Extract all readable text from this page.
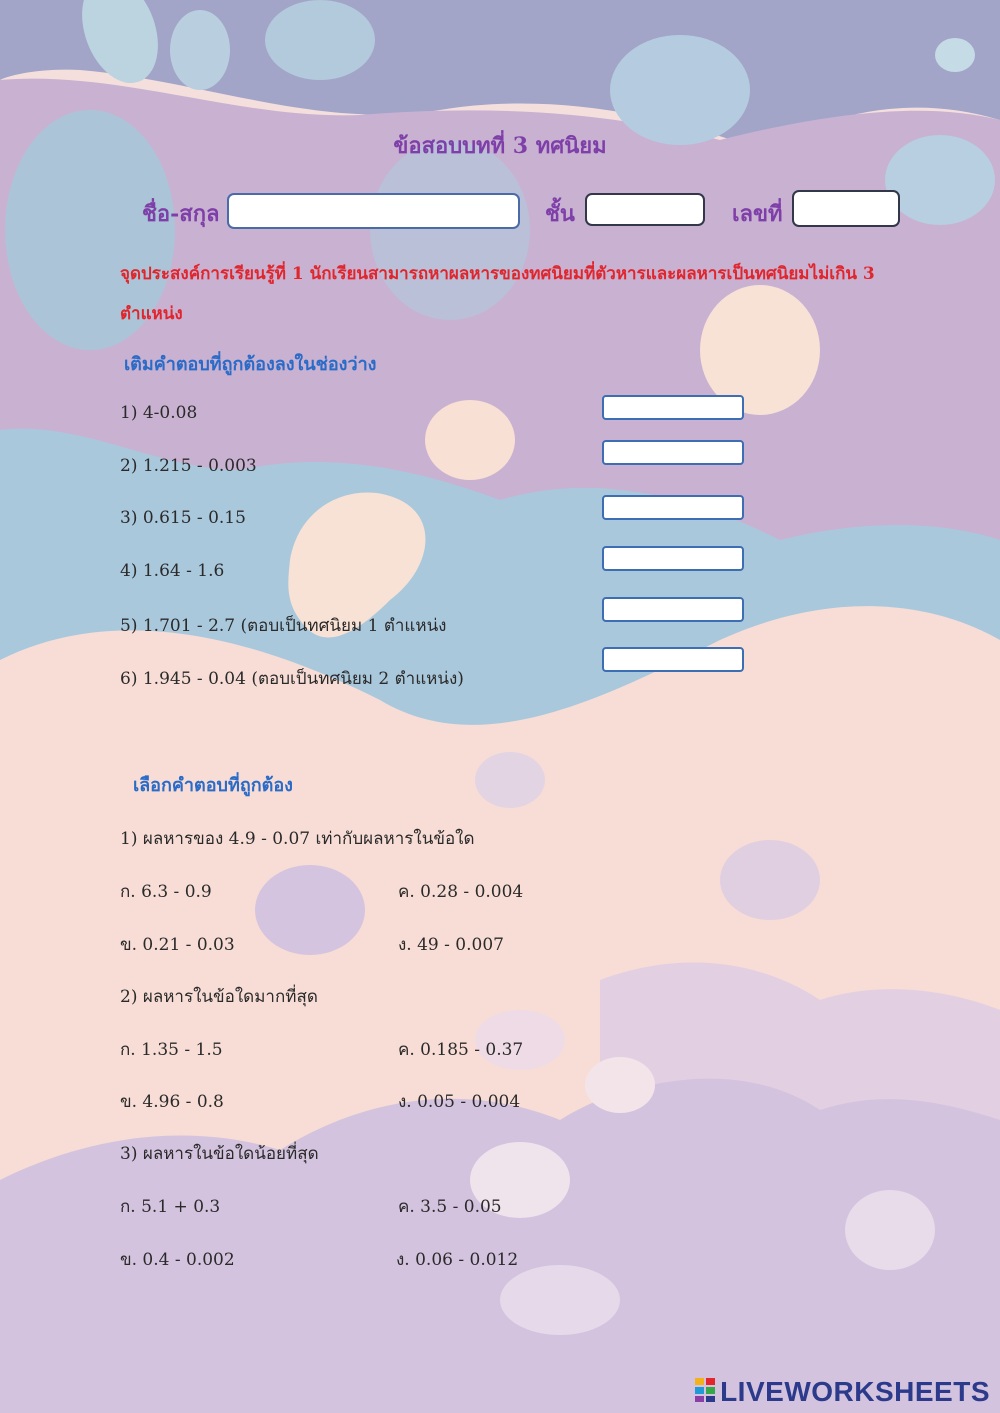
ข้อสอบบทที่ 3 ทศนิยม
ชื่อ-สกุล	ชั้น	เลขที่
จุดประสงค์การเรียนรู้ที่ 1 นักเรียนสามารถหาผลหารของทศนิยมที่ตัวหารและผลหารเป็นทศนิยมไม่เกิน 3 ตำแหน่ง
เติมคำตอบที่ถูกต้องลงในช่องว่าง
1) 4-0.08
2) 1.215 - 0.003
3) 0.615 - 0.15
4) 1.64 - 1.6
5) 1.701 - 2.7 (ตอบเป็นทศนิยม 1 ตำแหน่ง
6) 1.945 - 0.04 (ตอบเป็นทศนิยม 2 ตำแหน่ง)
เลือกคำตอบที่ถูกต้อง
1) ผลหารของ 4.9 - 0.07 เท่ากับผลหารในข้อใด
ก. 6.3 - 0.9	ค. 0.28 - 0.004
ข. 0.21 - 0.03	ง. 49 - 0.007
2) ผลหารในข้อใดมากที่สุด
ก. 1.35 - 1.5	ค. 0.185 - 0.37
ข. 4.96 - 0.8	ง. 0.05 - 0.004
3) ผลหารในข้อใดน้อยที่สุด
ก. 5.1 + 0.3	ค. 3.5 - 0.05
ข. 0.4 - 0.002	ง. 0.06 - 0.012
LIVEWORKSHEETS
